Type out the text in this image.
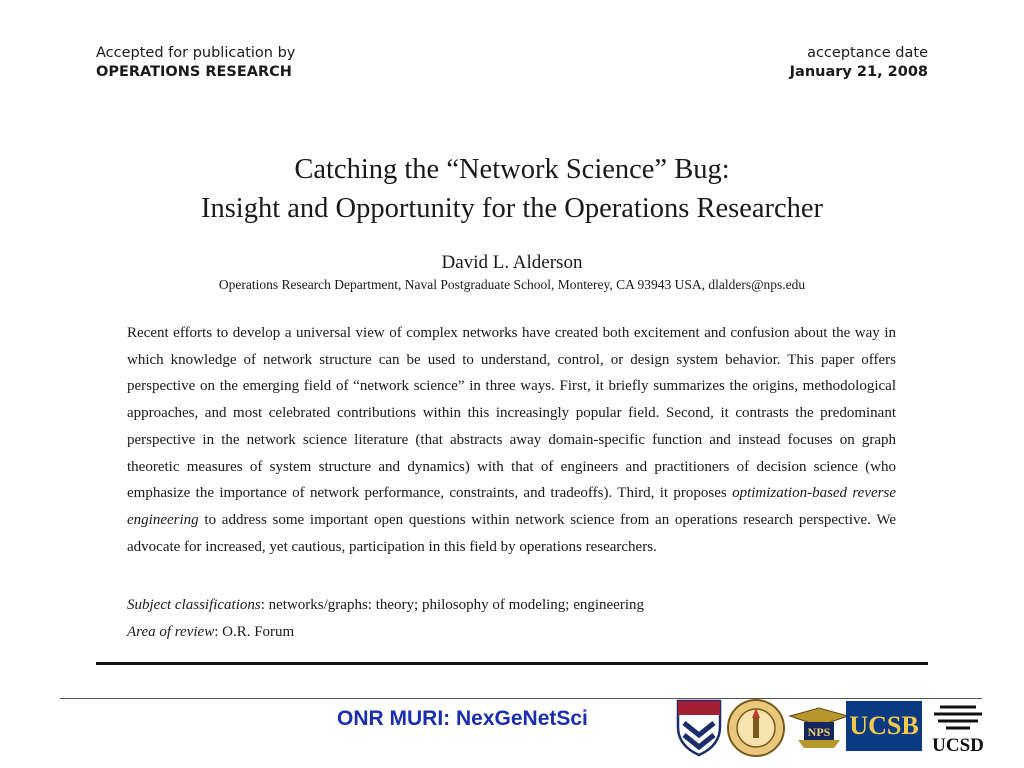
Accepted for publication by
OPERATIONS RESEARCH
acceptance date
January 21, 2008
Catching the “Network Science” Bug:
Insight and Opportunity for the Operations Researcher
David L. Alderson
Operations Research Department, Naval Postgraduate School, Monterey, CA 93943 USA, dlalders@nps.edu
Recent efforts to develop a universal view of complex networks have created both excitement and confusion about the way in which knowledge of network structure can be used to understand, control, or design system behavior. This paper offers perspective on the emerging field of “network science” in three ways. First, it briefly summarizes the origins, methodological approaches, and most celebrated contributions within this increasingly popular field. Second, it contrasts the predominant perspective in the network science literature (that abstracts away domain-specific function and instead focuses on graph theoretic measures of system structure and dynamics) with that of engineers and practitioners of decision science (who emphasize the importance of network performance, constraints, and tradeoffs). Third, it proposes optimization-based reverse engineering to address some important open questions within network science from an operations research perspective. We advocate for increased, yet cautious, participation in this field by operations researchers.
Subject classifications: networks/graphs: theory; philosophy of modeling; engineering
Area of review: O.R. Forum
ONR MURI: NexGeNetSci
NPS UCSB
UCSD
